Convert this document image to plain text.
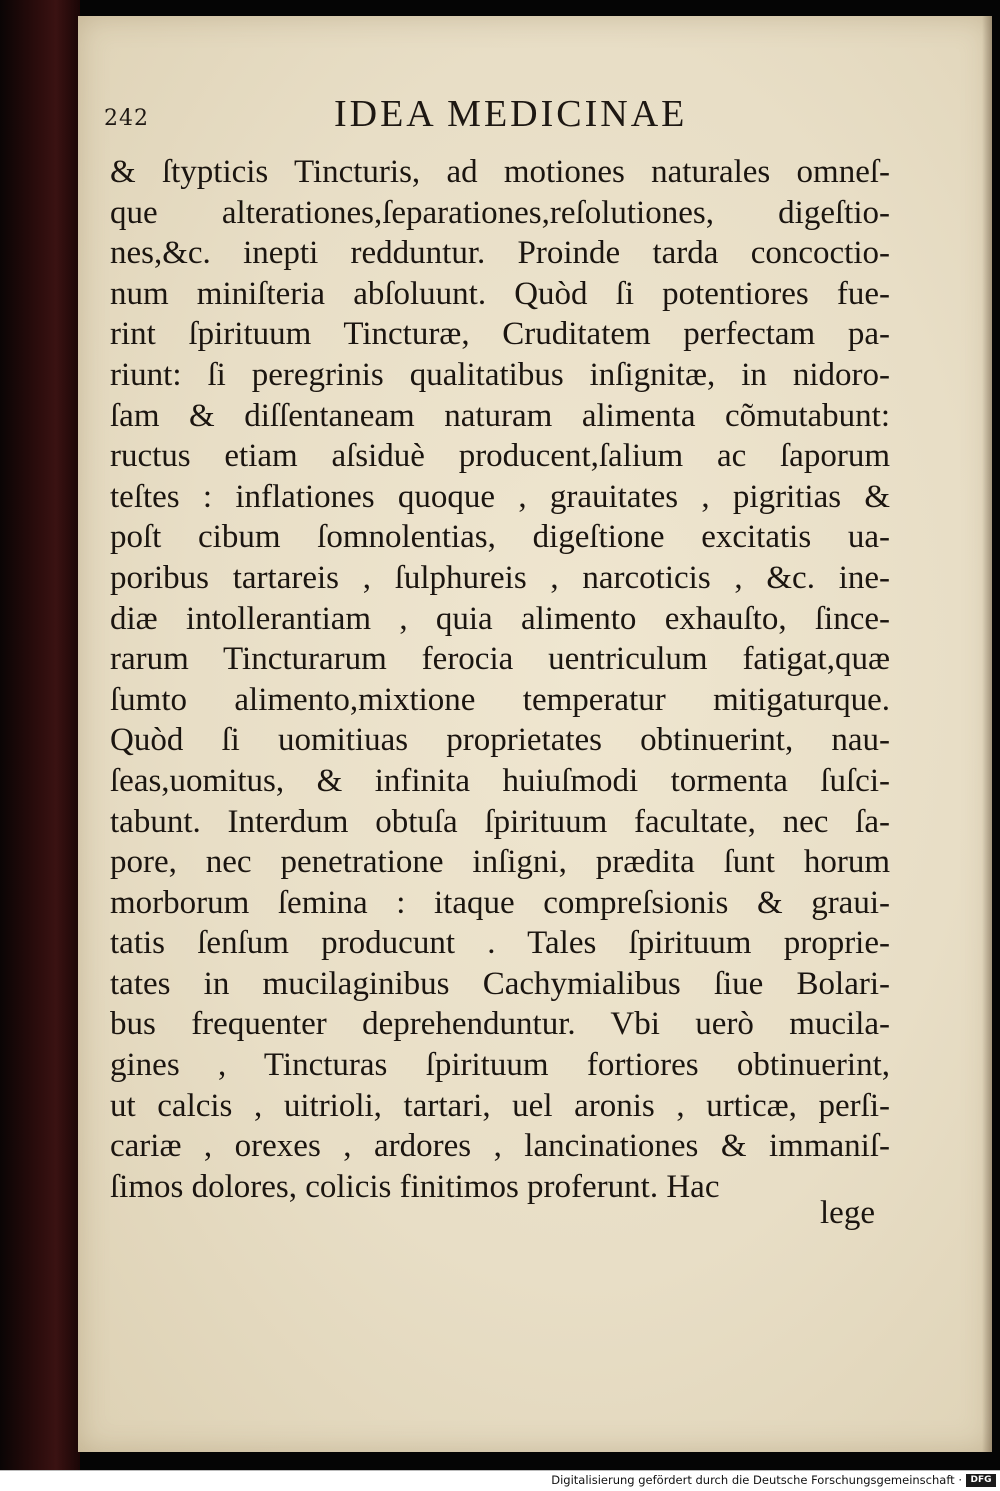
242	IDEA MEDICINAE
& ſtypticis Tincturis, ad motiones naturales omneſ-
que alterationes,ſeparationes,reſolutiones, digeſtio-
nes,&c. inepti redduntur. Proinde tarda concoctio-
num miniſteria abſoluunt. Quòd ſi potentiores fue-
rint ſpirituum Tincturæ, Cruditatem perfectam pa-
riunt: ſi peregrinis qualitatibus inſignitæ, in nidoro-
ſam & diſſentaneam naturam alimenta cõmutabunt:
ructus etiam aſsiduè producent,ſalium ac ſaporum
teſtes : inflationes quoque , grauitates , pigritias &
poſt cibum ſomnolentias, digeſtione excitatis ua-
poribus tartareis , ſulphureis , narcoticis , &c. ine-
diæ intollerantiam , quia alimento exhauſto, ſince-
rarum Tincturarum ferocia uentriculum fatigat,quæ
ſumto alimento,mixtione temperatur mitigaturque.
Quòd ſi uomitiuas proprietates obtinuerint, nau-
ſeas,uomitus, & infinita huiuſmodi tormenta ſuſci-
tabunt. Interdum obtuſa ſpirituum facultate, nec ſa-
pore, nec penetratione inſigni, prædita ſunt horum
morborum ſemina : itaque compreſsionis & graui-
tatis ſenſum producunt . Tales ſpirituum proprie-
tates in mucilaginibus Cachymialibus ſiue Bolari-
bus frequenter deprehenduntur. Vbi uerò mucila-
gines , Tincturas ſpirituum fortiores obtinuerint,
ut calcis , uitrioli, tartari, uel aronis , urticæ, perſi-
cariæ , orexes , ardores , lancinationes & immaniſ-
ſimos dolores, colicis finitimos proferunt. Hac
lege
Digitalisierung gefördert durch die Deutsche Forschungsgemeinschaft · DFG
